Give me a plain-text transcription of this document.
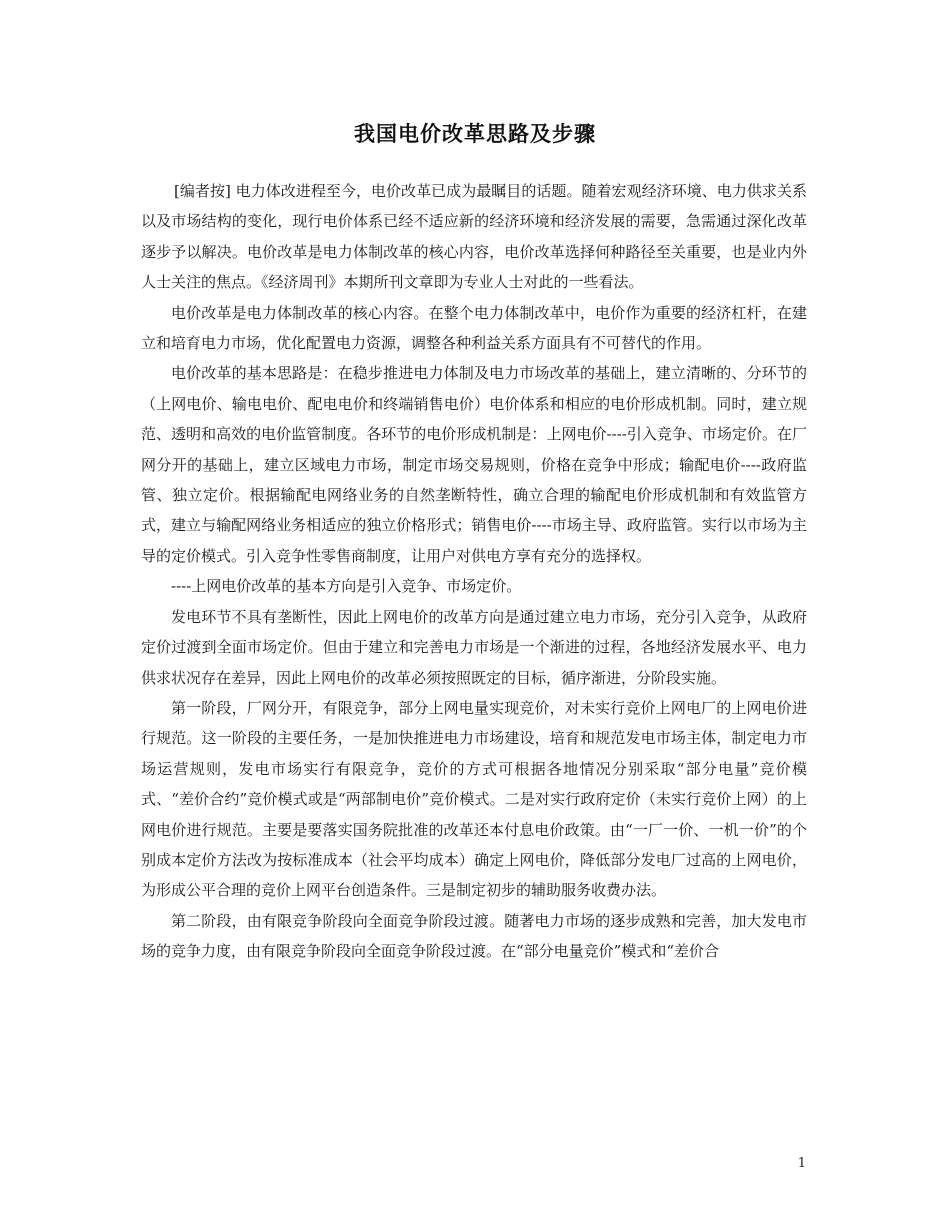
我国电价改革思路及步骤

[编者按] 电力体改进程至今，电价改革已成为最瞩目的话题。随着宏观经济环境、电力供求关系以及市场结构的变化，现行电价体系已经不适应新的经济环境和经济发展的需要，急需通过深化改革逐步予以解决。电价改革是电力体制改革的核心内容，电价改革选择何种路径至关重要，也是业内外人士关注的焦点。《经济周刊》本期所刊文章即为专业人士对此的一些看法。

电价改革是电力体制改革的核心内容。在整个电力体制改革中，电价作为重要的经济杠杆，在建立和培育电力市场，优化配置电力资源，调整各种利益关系方面具有不可替代的作用。

电价改革的基本思路是：在稳步推进电力体制及电力市场改革的基础上，建立清晰的、分环节的（上网电价、输电电价、配电电价和终端销售电价）电价体系和相应的电价形成机制。同时，建立规范、透明和高效的电价监管制度。各环节的电价形成机制是：上网电价----引入竞争、市场定价。在厂网分开的基础上，建立区域电力市场，制定市场交易规则，价格在竞争中形成；输配电价----政府监管、独立定价。根据输配电网络业务的自然垄断特性，确立合理的输配电价形成机制和有效监管方式，建立与输配网络业务相适应的独立价格形式；销售电价----市场主导、政府监管。实行以市场为主导的定价模式。引入竞争性零售商制度，让用户对供电方享有充分的选择权。

----上网电价改革的基本方向是引入竞争、市场定价。

发电环节不具有垄断性，因此上网电价的改革方向是通过建立电力市场，充分引入竞争，从政府定价过渡到全面市场定价。但由于建立和完善电力市场是一个渐进的过程，各地经济发展水平、电力供求状况存在差异，因此上网电价的改革必须按照既定的目标，循序渐进，分阶段实施。

第一阶段，厂网分开，有限竞争，部分上网电量实现竞价，对未实行竞价上网电厂的上网电价进行规范。这一阶段的主要任务，一是加快推进电力市场建设，培育和规范发电市场主体，制定电力市场运营规则，发电市场实行有限竞争，竞价的方式可根据各地情况分别采取“部分电量”竞价模式、“差价合约”竞价模式或是“两部制电价”竞价模式。二是对实行政府定价（未实行竞价上网）的上网电价进行规范。主要是要落实国务院批准的改革还本付息电价政策。由“一厂一价、一机一价”的个别成本定价方法改为按标准成本（社会平均成本）确定上网电价，降低部分发电厂过高的上网电价，为形成公平合理的竞价上网平台创造条件。三是制定初步的辅助服务收费办法。

第二阶段，由有限竞争阶段向全面竞争阶段过渡。随著电力市场的逐步成熟和完善，加大发电市场的竞争力度，由有限竞争阶段向全面竞争阶段过渡。在“部分电量竞价”模式和“差价合

1
